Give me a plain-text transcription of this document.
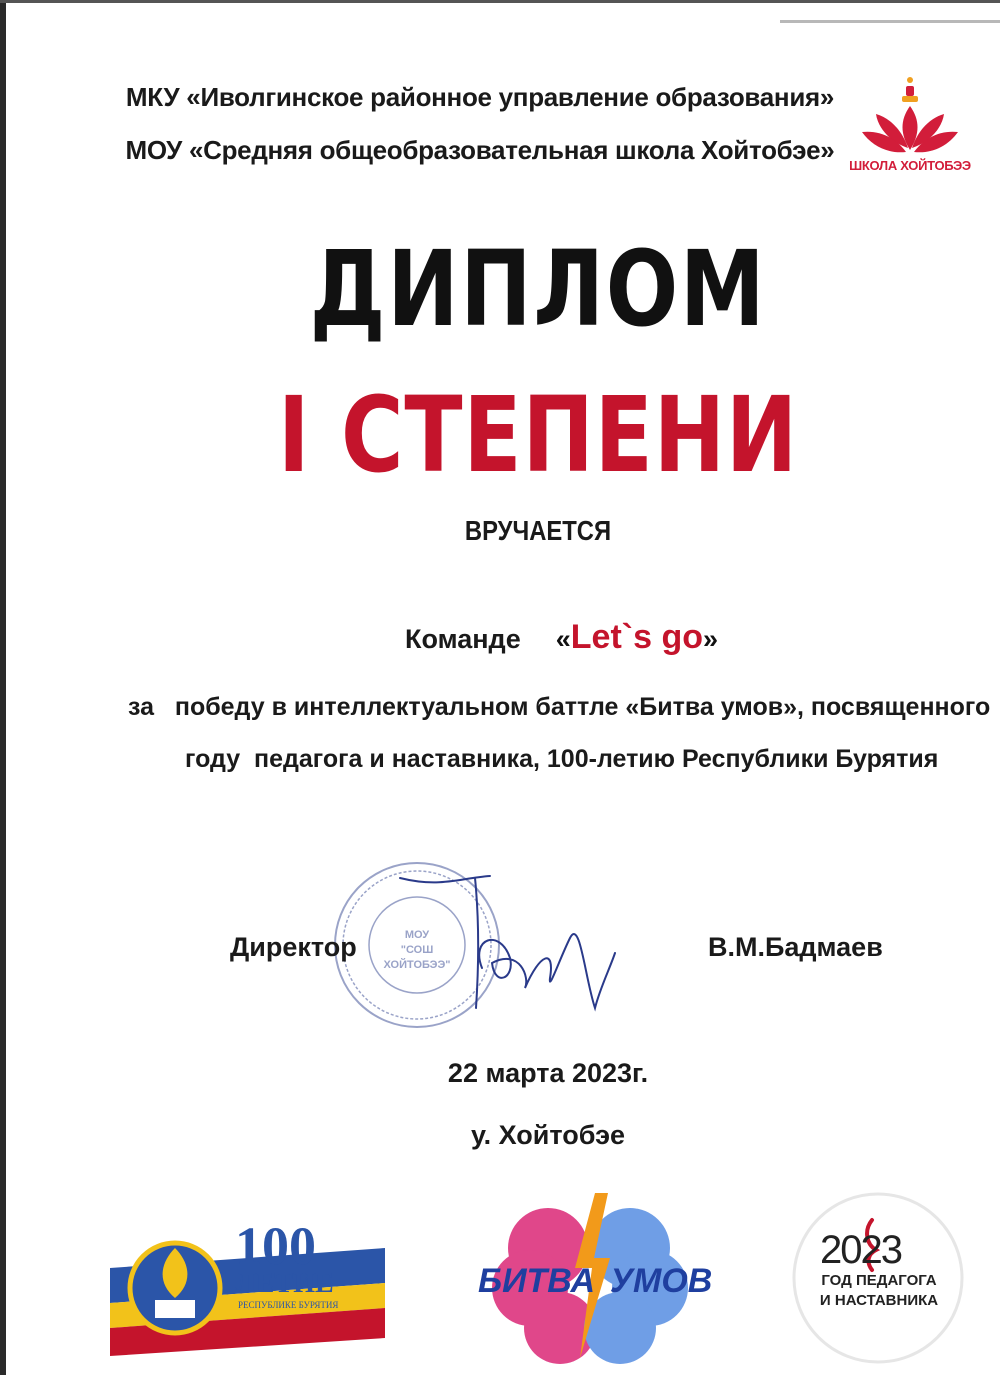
МКУ «Иволгинское районное управление образования»
МОУ «Средняя общеобразовательная школа Хойтобэе»
ШКОЛА ХОЙТОБЭЭ
ДИПЛОМ
I СТЕПЕНИ
ВРУЧАЕТСЯ
Команде «Let`s go»
за   победу в интеллектуальном баттле «Битва умов», посвященного
году  педагога и наставника, 100-летию Республики Бурятия
МОУ
"СОШ
ХОЙТОБЭЭ"
Директор	В.М.Бадмаев
22 марта 2023г.
у. Хойтобэе
100
ЛЕТИЕ
РЕСПУБЛИКЕ БУРЯТИЯ
БИТВА УМОВ
2023
ГОД ПЕДАГОГА
И НАСТАВНИКА
